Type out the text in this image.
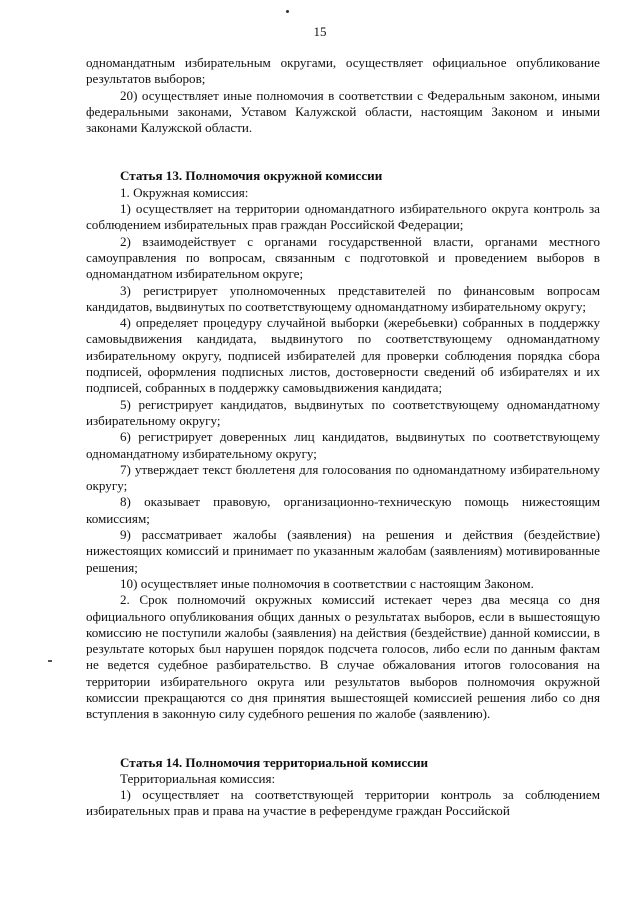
15

одномандатным избирательным округами, осуществляет официальное опубликование результатов выборов;

20) осуществляет иные полномочия в соответствии с Федеральным законом, иными федеральными законами, Уставом Калужской области, настоящим Законом и иными законами Калужской области.

Статья 13. Полномочия окружной комиссии

1. Окружная комиссия:

1) осуществляет на территории одномандатного избирательного округа контроль за соблюдением избирательных прав граждан Российской Федерации;

2) взаимодействует с органами государственной власти, органами местного самоуправления по вопросам, связанным с подготовкой и проведением выборов в одномандатном избирательном округе;

3) регистрирует уполномоченных представителей по финансовым вопросам кандидатов, выдвинутых по соответствующему одномандатному избирательному округу;

4) определяет процедуру случайной выборки (жеребьевки) собранных в поддержку самовыдвижения кандидата, выдвинутого по соответствующему одномандатному избирательному округу, подписей избирателей для проверки соблюдения порядка сбора подписей, оформления подписных листов, достоверности сведений об избирателях и их подписей, собранных в поддержку самовыдвижения кандидата;

5) регистрирует кандидатов, выдвинутых по соответствующему одномандатному избирательному округу;

6) регистрирует доверенных лиц кандидатов, выдвинутых по соответствующему одномандатному избирательному округу;

7) утверждает текст бюллетеня для голосования по одномандатному избирательному округу;

8) оказывает правовую, организационно-техническую помощь нижестоящим комиссиям;

9) рассматривает жалобы (заявления) на решения и действия (бездействие) нижестоящих комиссий и принимает по указанным жалобам (заявлениям) мотивированные решения;

10) осуществляет иные полномочия в соответствии с настоящим Законом.

2. Срок полномочий окружных комиссий истекает через два месяца со дня официального опубликования общих данных о результатах выборов, если в вышестоящую комиссию не поступили жалобы (заявления) на действия (бездействие) данной комиссии, в результате которых был нарушен порядок подсчета голосов, либо если по данным фактам не ведется судебное разбирательство. В случае обжалования итогов голосования на территории избирательного округа или результатов выборов полномочия окружной комиссии прекращаются со дня принятия вышестоящей комиссией решения либо со дня вступления в законную силу судебного решения по жалобе (заявлению).

Статья 14. Полномочия территориальной комиссии

Территориальная комиссия:

1) осуществляет на соответствующей территории контроль за соблюдением избирательных прав и права на участие в референдуме граждан Российской
